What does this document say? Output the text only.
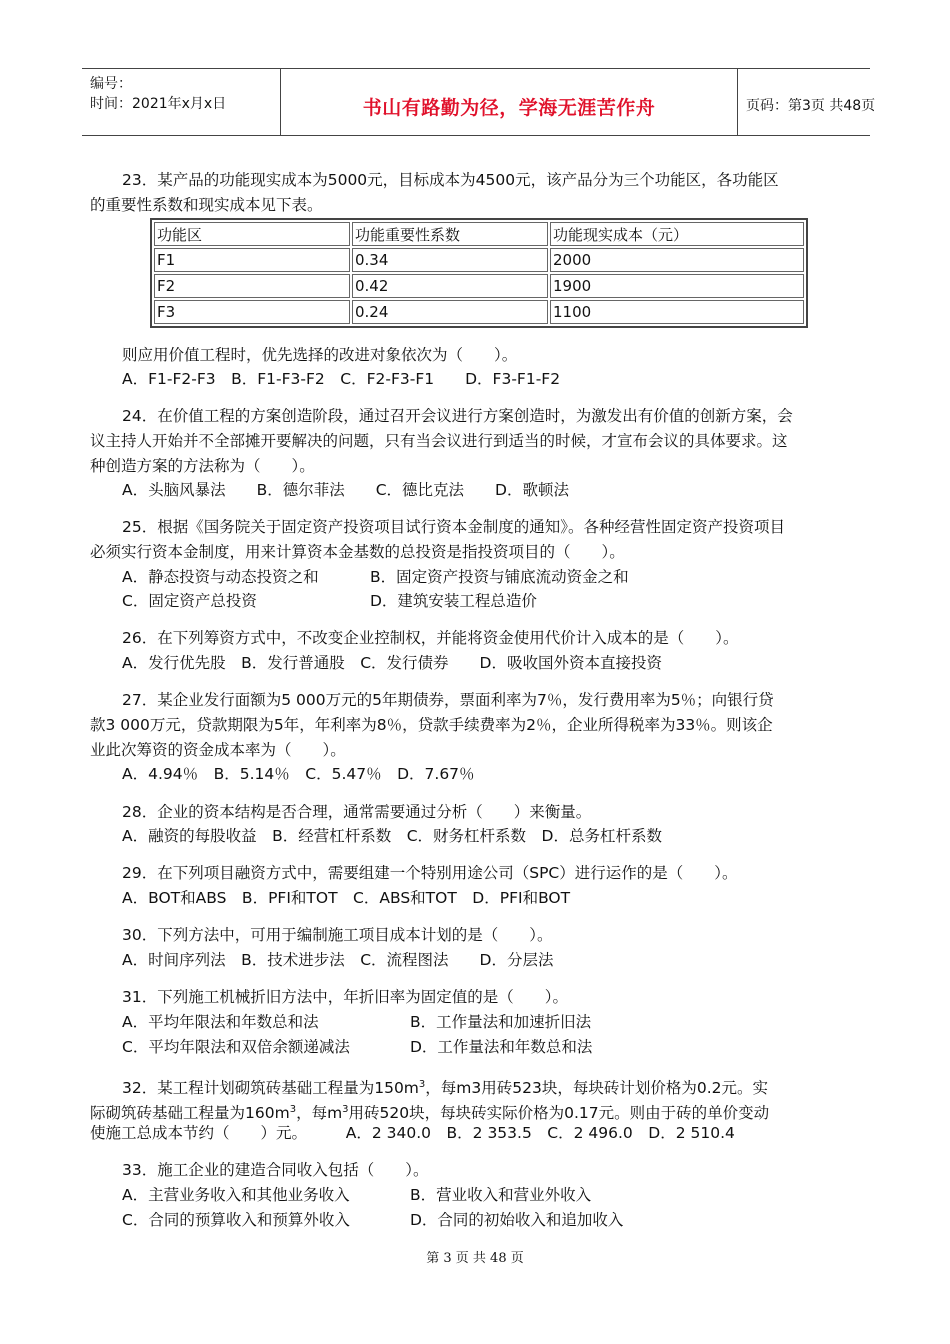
编号：
时间：2021年x月x日	书山有路勤为径，学海无涯苦作舟	页码：第3页 共48页
23．某产品的功能现实成本为5000元，目标成本为4500元，该产品分为三个功能区，各功能区
的重要性系数和现实成本见下表。
功能区	功能重要性系数	功能现实成本（元）
F1	0.34	2000
F2	0.42	1900
F3	0.24	1100
则应用价值工程时，优先选择的改进对象依次为（　　）。
A．F1-F2-F3　B．F1-F3-F2　C．F2-F3-F1　　D．F3-F1-F2
24．在价值工程的方案创造阶段，通过召开会议进行方案创造时，为激发出有价值的创新方案，会
议主持人开始并不全部摊开要解决的问题，只有当会议进行到适当的时候，才宣布会议的具体要求。这
种创造方案的方法称为（　　）。
A．头脑风暴法　　B．德尔菲法　　C．德比克法　　D．歌顿法
25．根据《国务院关于固定资产投资项目试行资本金制度的通知》。各种经营性固定资产投资项目
必须实行资本金制度，用来计算资本金基数的总投资是指投资项目的（　　）。
A．静态投资与动态投资之和	B．固定资产投资与铺底流动资金之和
C．固定资产总投资	D．建筑安装工程总造价
26．在下列筹资方式中，不改变企业控制权，并能将资金使用代价计入成本的是（　　）。
A．发行优先股　B．发行普通股　C．发行债券　　D．吸收国外资本直接投资
27．某企业发行面额为5 000万元的5年期债券，票面利率为7％，发行费用率为5％；向银行贷
款3 000万元，贷款期限为5年，年利率为8％，贷款手续费率为2％，企业所得税率为33％。则该企
业此次筹资的资金成本率为（　　）。
A．4.94％　B．5.14％　C．5.47％　D．7.67％
28．企业的资本结构是否合理，通常需要通过分析（　　）来衡量。
A．融资的每股收益　B．经营杠杆系数　C．财务杠杆系数　D．总务杠杆系数
29．在下列项目融资方式中，需要组建一个特别用途公司（SPC）进行运作的是（　　）。
A．BOT和ABS　B．PFI和TOT　C．ABS和TOT　D．PFI和BOT
30．下列方法中，可用于编制施工项目成本计划的是（　　）。
A．时间序列法　B．技术进步法　C．流程图法　　D．分层法
31．下列施工机械折旧方法中，年折旧率为固定值的是（　　）。
A．平均年限法和年数总和法	B．工作量法和加速折旧法
C．平均年限法和双倍余额递减法	D．工作量法和年数总和法
32．某工程计划砌筑砖基础工程量为$150m^3$，每m3用砖523块，每块砖计划价格为0.2元。实
际砌筑砖基础工程量为$160m^3$，每$m^3$用砖520块，每块砖实际价格为0.17元。则由于砖的单价变动
使施工总成本节约（　　）元。　　　A．2 340.0　B．2 353.5　C．2 496.0　D．2 510.4
33．施工企业的建造合同收入包括（　　）。
A．主营业务收入和其他业务收入	B．营业收入和营业外收入
C．合同的预算收入和预算外收入	D．合同的初始收入和追加收入
第 3 页 共 48 页
